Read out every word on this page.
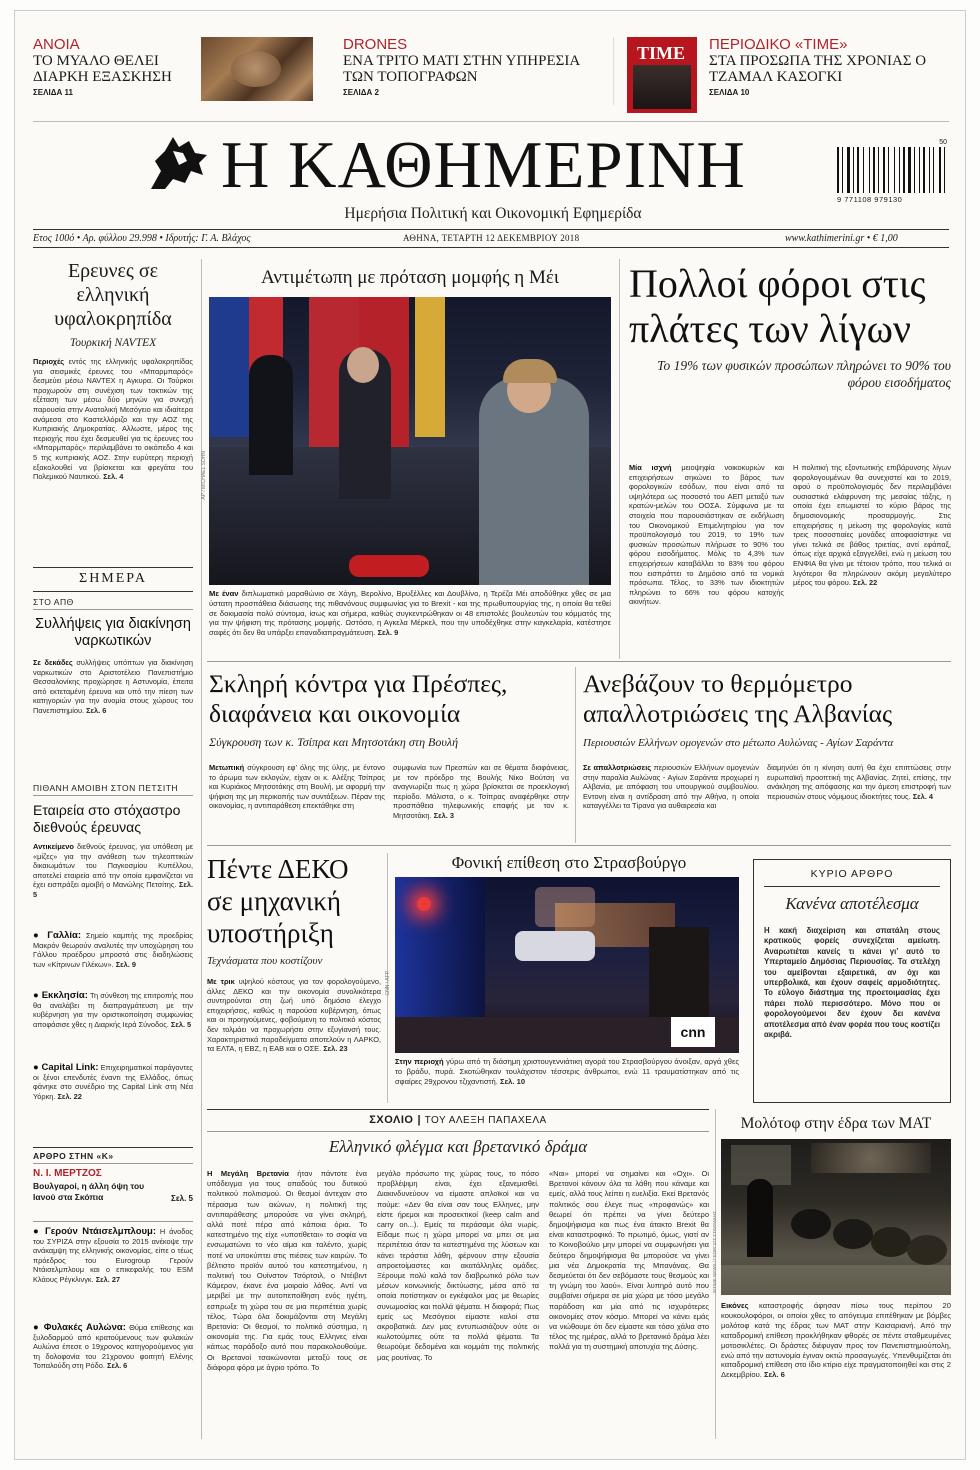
ΑΝΟΙΑ
ΤΟ ΜΥΑΛΟ ΘΕΛΕΙ ΔΙΑΡΚΗ ΕΞΑΣΚΗΣΗ
ΣΕΛΙΔΑ 11
DRONES
ΕΝΑ ΤΡΙΤΟ ΜΑΤΙ ΣΤΗΝ ΥΠΗΡΕΣΙΑ ΤΩΝ ΤΟΠΟΓΡΑΦΩΝ
ΣΕΛΙΔΑ 2
TIME ΠΕΡΙΟΔΙΚΟ «TIME»
ΣΤΑ ΠΡΟΣΩΠΑ ΤΗΣ ΧΡΟΝΙΑΣ Ο ΤΖΑΜΑΛ ΚΑΣΟΓΚΙ
ΣΕΛΙΔΑ 10
Η ΚΑΘΗΜΕΡΙΝΗ
Ημερήσια Πολιτική και Οικονομική Εφημερίδα
50
9 771108 979130
Ετος 100ό • Αρ. φύλλου 29.998 • Ιδρυτής: Γ. Α. Βλάχος	ΑΘΗΝΑ, ΤΕΤΑΡΤΗ 12 ΔΕΚΕΜΒΡΙΟΥ 2018	www.kathimerini.gr • € 1,00
Ερευνες σε ελληνική υφαλοκρηπίδα
Τουρκική NAVTEX
Περιοχές εντός της ελληνικής υφαλοκρηπίδας για σεισμικές έρευνες του «Μπαρμπαρός» δεσμεύει μέσω NAVTEX η Αγκυρα. Οι Τούρκοι προχωρούν στη συνέχιση των τακτικών της εξέταση των μέσω δύο μηνών για συνεχή παρουσία στην Ανατολική Μεσόγειο και ιδιαίτερα ανάμεσα στο Καστελλόριζο και την ΑΟΖ της Κυπριακής Δημοκρατίας. Αλλωστε, μέρος της περιοχής που έχει δεσμευθεί για τις έρευνες του «Μπαρμπαρός» περιλαμβάνει το οικόπεδο 4 και 5 της κυπριακής ΑΟΖ. Στην ευρύτερη περιοχή εξακολουθεί να βρίσκεται και φρεγάτα του Πολεμικού Ναυτικού. Σελ. 4
ΣΗΜΕΡΑ
ΣΤΟ ΑΠΘ
Συλλήψεις για διακίνηση ναρκωτικών
Σε δεκάδες συλλήψεις υπόπτων για διακίνηση ναρκωτικών στο Αριστοτέλειο Πανεπιστήμιο Θεσσαλονίκης προχώρησε η Αστυνομία, έπειτα από εκτεταμένη έρευνα και υπό την πίεση των κατηγοριών για την ανομία στους χώρους του Πανεπιστημίου. Σελ. 6
ΠΙΘΑΝΗ ΑΜΟΙΒΗ ΣΤΟΝ ΠΕΤΣΙΤΗ
Εταιρεία στο στόχαστρο διεθνούς έρευνας
Αντικείμενο διεθνούς έρευνας, για υπόθεση με «μίζες» για την ανάθεση των τηλεοπτικών δικαιωμάτων του Παγκοσμίου Κυπέλλου, αποτελεί εταιρεία από την οποία εμφανίζεται να έχει εισπράξει αμοιβή ο Μανώλης Πετσίτης. Σελ. 5
● Γαλλία: Σημείο καμπής της προεδρίας Μακρόν θεωρούν αναλυτές την υποχώρηση του Γάλλου προέδρου μπροστά στις διαδηλώσεις των «Κίτρινων Γιλέκων». Σελ. 9
● Εκκλησία: Τη σύνθεση της επιτροπής που θα αναλάβει τη διαπραγμάτευση με την κυβέρνηση για την οριστικοποίηση συμφωνίας αποφάσισε χθες η Διαρκής Ιερά Σύνοδος. Σελ. 5
● Capital Link: Επιχειρηματικοί παράγοντες οι ξένοι επενδυτές έναντι της Ελλάδος, όπως φάνηκε στο συνέδριο της Capital Link στη Νέα Υόρκη. Σελ. 22
ΑΡΘΡΟ ΣΤΗΝ «Κ»
Ν. Ι. ΜΕΡΤΖΟΣ
Βουλγαροί, η άλλη όψη του Ιανού στα Σκόπια	Σελ. 5
● Γερούν Ντάισελμπλουμ: Η άνοδος του ΣΥΡΙΖΑ στην εξουσία το 2015 ανέκοψε την ανάκαμψη της ελληνικής οικονομίας, είπε ο τέως πρόεδρος του Eurogroup Γερούν Ντάισελμπλουμ και ο επικεφαλής του ESM Κλάους Ρέγκλινγκ. Σελ. 27
● Φυλακές Αυλώνα: Θύμα επίθεσης και ξυλοδαρμού από κρατούμενους των φυλακών Αυλώνα έπεσε ο 19χρονος κατηγορούμενος για τη δολοφονία του 21χρονου φοιτητή Ελένης Τοπαλούδη στη Ρόδο. Σελ. 6
Αντιμέτωπη με πρόταση μομφής η Μέι
AP / MICHAEL SOHN
Με έναν διπλωματικό μαραθώνιο σε Χάγη, Βερολίνο, Βρυξέλλες και Δουβλίνο, η Τερέζα Μέι αποδύθηκε χθες σε μια ύστατη προσπάθεια διάσωσης της πιθανόνους συμφωνίας για το Brexit - και της πρωθυπουργίας της, η οποία θα τεθεί σε δοκιμασία πολύ σύντομα, ίσως και σήμερα, καθώς συγκεντρώθηκαν οι 48 επιστολές βουλευτών του κόμματός της για την ψήφιση της πρότασης μομφής. Ωστόσο, η Αγκελα Μέρκελ, που την υποδέχθηκε στην καγκελαρία, κατέστησε σαφές ότι δεν θα υπάρξει επαναδιαπραγμάτευση. Σελ. 9
Πολλοί φόροι στις πλάτες των λίγων
Το 19% των φυσικών προσώπων πληρώνει το 90% του φόρου εισοδήματος
Μία ισχνή μειοψηφία νοικοκυριών και επιχειρήσεων σηκώνει το βάρος των φορολογικών εσόδων, που είναι από τα υψηλότερα ως ποσοστό του ΑΕΠ μεταξύ των κρατών-μελών του ΟΟΣΑ. Σύμφωνα με τα στοιχεία που παρουσιάστηκαν σε εκδήλωση του Οικονομικού Επιμελητηρίου για τον προϋπολογισμό του 2019, το 19% των φυσικών προσώπων πλήρωσε το 90% του φόρου εισοδήματος. Μόλις το 4,3% των επιχειρήσεων καταβάλλει το 83% του φόρου που εισπράττει το Δημόσιο από τα νομικά πρόσωπα. Τέλος, το 33% των ιδιοκτητών πληρώνει το 66% του φόρου κατοχής ακινήτων.
Η πολιτική της εξοντωτικής επιβάρυνσης λίγων φορολογουμένων θα συνεχιστεί και το 2019, αφού ο προϋπολογισμός δεν περιλαμβάνει ουσιαστικά ελάφρυνση της μεσαίας τάξης, η οποία έχει επωμιστεί το κύριο βάρος της δημοσιονομικής προσαρμογής. Στις επιχειρήσεις η μείωση της φορολογίας κατά τρεις ποσοστιαίες μονάδες αποφασίστηκε να γίνει τελικά σε βάθος τριετίας, αντί εφάπαξ, όπως είχε αρχικά εξαγγελθεί, ενώ η μείωση του ΕΝΦΙΑ θα γίνει με τέτοιον τρόπο, που τελικά οι λιγότεροι θα πληρώνουν ακόμη μεγαλύτερο μέρος του φόρου. Σελ. 22
Σκληρή κόντρα για Πρέσπες, διαφάνεια και οικονομία
Σύγκρουση των κ. Τσίπρα και Μητσοτάκη στη Βουλή
Μετωπική σύγκρουση εφ’ όλης της ύλης, με έντονο το άρωμα των εκλογών, είχαν οι κ. Αλέξης Τσίπρας και Κυριάκος Μητσοτάκης στη Βουλή, με αφορμή την ψήφιση της μη περικοπής των συντάξεων. Πέραν της οικονομίας, η αντιπαράθεση επεκτάθηκε στη
συμφωνία των Πρεσπών και σε θέματα διαφάνειας, με τον πρόεδρο της Βουλής Νίκο Βούτση να αναγνωρίζει πως η χώρα βρίσκεται σε προεκλογική περίοδο. Μάλιστα, ο κ. Τσίπρας αναφέρθηκε στην προσπάθεια τηλεφωνικής επαφής με τον κ. Μητσοτάκη. Σελ. 3
Ανεβάζουν το θερμόμετρο απαλλοτριώσεις της Αλβανίας
Περιουσιών Ελλήνων ομογενών στο μέτωπο Αυλώνας - Αγίων Σαράντα
Σε απαλλοτριώσεις περιουσιών Ελλήνων ομογενών στην παραλία Αυλώνας - Αγίων Σαράντα προχωρεί η Αλβανία, με απόφαση του υπουργικού συμβουλίου. Εντονη είναι η αντίδραση από την Αθήνα, η οποία καταγγέλλει τα Τίρανα για αυθαιρεσία και
διαμηνύει ότι η κίνηση αυτή θα έχει επιπτώσεις στην ευρωπαϊκή προοπτική της Αλβανίας. Ζητεί, επίσης, την ανάκληση της απόφασης και την άμεση επιστροφή των περιουσιών στους νόμιμους ιδιοκτήτες τους. Σελ. 4
Πέντε ΔΕΚΟ σε μηχανική υποστήριξη
Τεχνάσματα που κοστίζουν
Με τρικ υψηλού κόστους για τον φορολογούμενο, άλλες ΔΕΚΟ και την οικονομία συνολικότερα συντηρούνται στη ζωή υπό δημόσιο έλεγχο επιχειρήσεις, καθώς η παρούσα κυβέρνηση, όπως και οι προηγούμενες, φοβούμενη το πολιτικό κόστος δεν τολμάει να προχωρήσει στην εξυγίανσή τους. Χαρακτηριστικά παραδείγματα αποτελούν η ΛΑΡΚΟ, τα ΕΛΤΑ, η ΕΒΖ, η ΕΑΒ και ο ΟΣΕ. Σελ. 23
Φονική επίθεση στο Στρασβούργο
cnn
CNN / AFP
Στην περιοχή γύρω από τη διάσημη χριστουγεννιάτικη αγορά του Στρασβούργου άνοιξαν, αργά χθες το βράδυ, πυρά. Σκοτώθηκαν τουλάχιστον τέσσερις άνθρωποι, ενώ 11 τραυματίστηκαν από τις σφαίρες 29χρονου τζιχαντιστή. Σελ. 10
ΚΥΡΙΟ ΑΡΘΡΟ
Κανένα αποτέλεσμα
Η κακή διαχείριση και σπατάλη στους κρατικούς φορείς συνεχίζεται αμείωτη. Αναρωτιέται κανείς τι κάνει γι’ αυτό το Υπερταμείο Δημόσιας Περιουσίας. Τα στελέχη του αμείβονται εξαιρετικά, αν όχι και υπερβολικά, και έχουν σαφείς αρμοδιότητες. Το εύλογο διάστημα της προετοιμασίας έχει πάρει πολύ περισσότερο. Μόνο που οι φορολογούμενοι δεν έχουν δει κανένα αποτέλεσμα από έναν φορέα που τους κοστίζει ακριβά.
ΣΧΟΛΙΟ | ΤΟΥ ΑΛΕΞΗ ΠΑΠΑΧΕΛΑ
Ελληνικό φλέγμα και βρετανικό δράμα
Η Μεγάλη Βρετανία ήταν πάντοτε ένα υπόδειγμα για τους οπαδούς του δυτικού πολιτικού πολιτισμού. Οι θεσμοί άντεχαν στο πέρασμα των αιώνων, η πολιτική της αντιπαράθεσης μπορούσε να γίνει σκληρή, αλλά ποτέ πέρα από κάποια όρια. Το κατεστημένο της είχε «υποτίθεται» το σοφία να ενσωματώνει το νέο αίμα και ταλέντο, χωρίς ποτέ να υποκύπτει στις πιέσεις των καιρών. Το βέλτιστο προϊόν αυτού του κατεστημένου, η πολιτική του Ουίνστον Τσόρτσιλ, ο Ντέιβιντ Κάμερον, έκανε ένα μοιραίο λάθος. Αντί να μεριβεί με την αυτοπεποίθηση ενός ηγέτη, εσπρωξε τη χώρα του σε μια περιπέτεια χωρίς τέλος. Τώρα όλα δοκιμάζονται στη Μεγάλη Βρετανία: Οι θεσμοί, το πολιτικό σύστημα, η οικονομία της. Για εμάς τους Ελληνες είναι κάπως παράδοξο αυτό που παρακολουθούμε. Οι Βρετανοί τσακώνονται μεταξύ τους σε διάφορα φόρα με άγριο τρόπο. Το
μεγάλο πρόσωπο της χώρας τους, το πόσο προβλέψιμη είναι, έχει εξανεμισθεί. Διακινδυνεύουν να είμαστε απλοϊκοί και να πούμε: «Δεν θα είναι σαν τους Ελληνες, μην είστε ήρεμοι και προσεκτικοί (keep calm and carry on...). Εμείς τα περάσαμε όλα νωρίς. Είδαμε πως η χώρα μπορεί να μπει σε μια περιπέτεια όταν τα κατεστημένα της λύσεων και κάνει τεράστια λάθη, φέρνουν στην εξουσία απροετοίμαστες και ακατάλληλες ομάδες. Ξέρουμε πολύ καλά τον διαβρωτικό ρόλο των μέσων κοινωνικής δικτύωσης, μέσα από τα οποία ποτίστηκαν οι εγκέφαλοι μας με θεωρίες συνωμοσίας και πολλά ψέματα. Η διαφορά; Πως εμείς ως Μεσόγειοι είμαστε καλοί στα ακροβατικά. Δεν μας εντυπωσιάζουν ούτε οι κωλοτούμπες ούτε τα πολλά ψέματα. Τα θεωρούμε δεδομένα και κομμάτι της πολιτικής μας ρουτίνας. Το
«Ναι» μπορεί να σημαίνει και «Οχι». Οι Βρετανοί κάνουν όλα τα λάθη που κάναμε και εμείς, αλλά τους λείπει η ευελιξία. Εκεί Βρετανός πολιτικός σου έλεγε πως «προφανώς» και θεωρεί ότι πρέπει να γίνει δεύτερο δημοψήφισμα και πως ένα άτακτο Brexit θα είναι καταστροφικό. Το πρωτιμό, όμως, γιατί αν το Κοινοβούλιο μην μπορεί να συμφωνήσει για δεύτερο δημοψήφισμα θα μπορούσε να γίνει μια νέα Δημοκρατία της Μπανάνας. Θα δεσμεύεται ότι δεν σεβόμαστε τους θεσμούς και τη γνώμη του λαού». Είναι λυπηρό αυτό που συμβαίνει σήμερα σε μία χώρα με τόσο μεγάλο παράδοση και μία από τις ισχυρότερες οικονομίες στον κόσμο. Μπορεί να κάνει εμάς να νιώθουμε ότι δεν είμαστε και τόσο χάλια στο τέλος της ημέρας, αλλά το βρετανικό δράμα λέει πολλά για τη συστημική αποτυχία της Δύσης.
Μολότοφ στην έδρα των ΜΑΤ
INTIME NEWS / ΓΕΩΡΓΙΟΣ ΣΤΑΥΡΑΚΗΣ
Εικόνες καταστροφής άφησαν πίσω τους περίπου 20 κουκουλοφόροι, οι οποίοι χθες το απόγευμα επιτέθηκαν με βόμβες μολότοφ κατά της έδρας των ΜΑΤ στην Καισαριανή. Από την καταδρομική επίθεση προκλήθηκαν φθορές σε πέντε σταθμευμένες μοτοσικλέτες. Οι δράστες διέφυγαν προς τον Πανεπιστημιούπολη, ενώ από την αστυνομία έγιναν οκτώ προσαγωγές. Υπενθυμίζεται ότι καταδρομική επίθεση στο ίδιο κτίριο είχε πραγματοποιηθεί και στις 2 Δεκεμβρίου. Σελ. 6
